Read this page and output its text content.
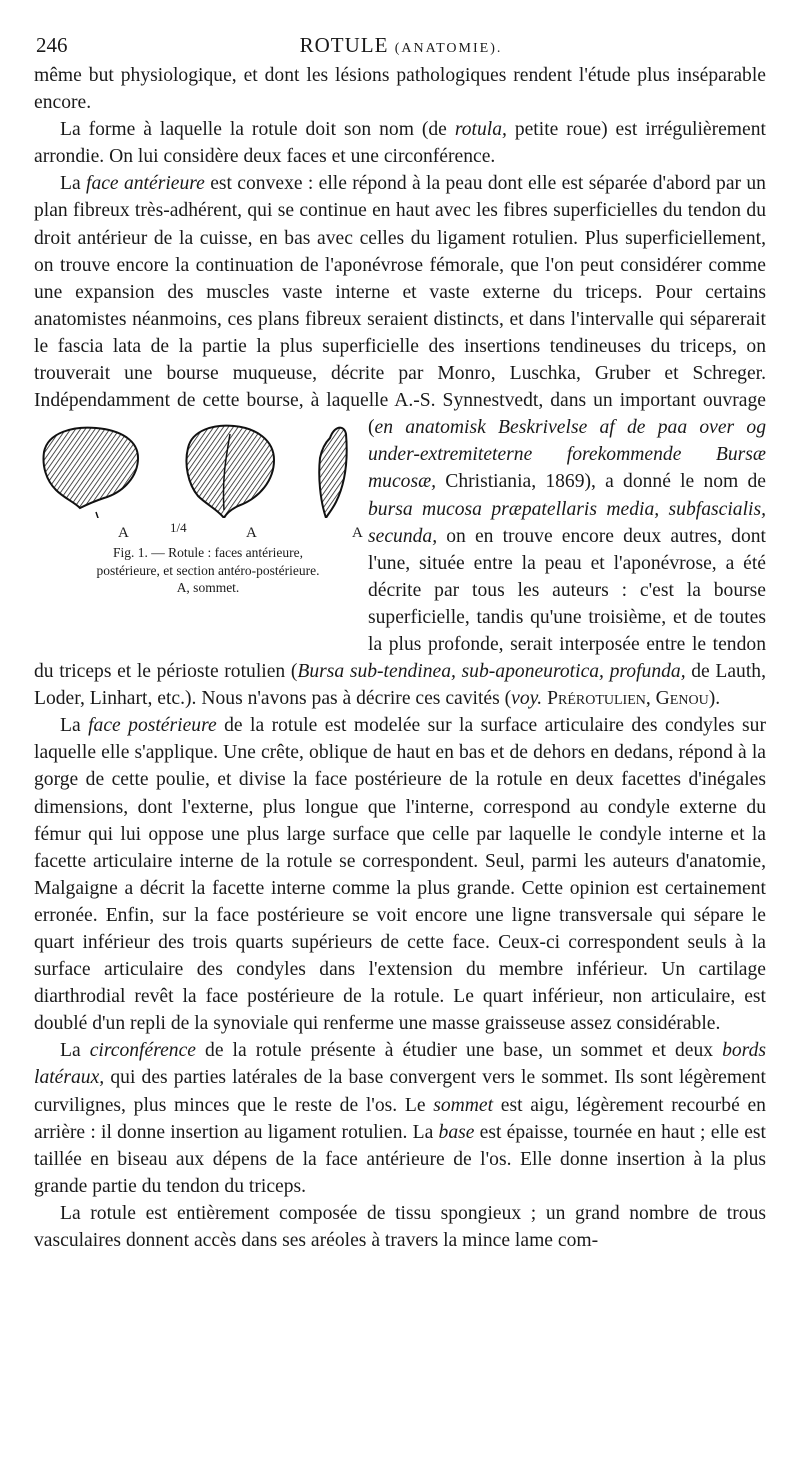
246	ROTULE (ANATOMIE).

même but physiologique, et dont les lésions pathologiques rendent l'étude plus inséparable encore.

La forme à laquelle la rotule doit son nom (de rotula, petite roue) est irrégulièrement arrondie. On lui considère deux faces et une circonférence.

La face antérieure est convexe : elle répond à la peau dont elle est séparée d'abord par un plan fibreux très-adhérent, qui se continue en haut avec les fibres superficielles du tendon du droit antérieur de la cuisse, en bas avec celles du ligament rotulien. Plus superficiellement, on trouve encore la continuation de l'aponévrose fémorale, que l'on peut considérer comme une expansion des muscles vaste interne et vaste externe du triceps. Pour certains anatomistes néanmoins, ces plans fibreux seraient distincts, et dans l'intervalle qui séparerait le fascia lata de la partie la plus superficielle des insertions tendineuses du triceps, on trouverait une bourse muqueuse, décrite par Monro, Luschka, Gruber et Schreger. Indépendamment de cette bourse, à laquelle A.-S. Synnestvedt, dans un important ouvrage (
A	1/4	A	A
Fig. 1. — Rotule : faces antérieure,
postérieure, et section antéro-postérieure.
A, sommet.
en anatomisk Beskrivelse af de paa over og under-extremiteterne forekommende Bursæ mucosæ, Christiania, 1869), a donné le nom de bursa mucosa præpatellaris media, subfascialis, secunda, on en trouve encore deux autres, dont l'une, située entre la peau et l'aponévrose, a été décrite par tous les auteurs : c'est la bourse superficielle, tandis qu'une troisième, et de toutes la plus profonde, serait interposée entre le tendon du triceps et le périoste rotulien (Bursa sub-tendinea, sub-aponeurotica, profunda, de Lauth, Loder, Linhart, etc.). Nous n'avons pas à décrire ces cavités (voy. Prérotulien, Genou).

La face postérieure de la rotule est modelée sur la surface articulaire des condyles sur laquelle elle s'applique. Une crête, oblique de haut en bas et de dehors en dedans, répond à la gorge de cette poulie, et divise la face postérieure de la rotule en deux facettes d'inégales dimensions, dont l'externe, plus longue que l'interne, correspond au condyle externe du fémur qui lui oppose une plus large surface que celle par laquelle le condyle interne et la facette articulaire interne de la rotule se correspondent. Seul, parmi les auteurs d'anatomie, Malgaigne a décrit la facette interne comme la plus grande. Cette opinion est certainement erronée. Enfin, sur la face postérieure se voit encore une ligne transversale qui sépare le quart inférieur des trois quarts supérieurs de cette face. Ceux-ci correspondent seuls à la surface articulaire des condyles dans l'extension du membre inférieur. Un cartilage diarthrodial revêt la face postérieure de la rotule. Le quart inférieur, non articulaire, est doublé d'un repli de la synoviale qui renferme une masse graisseuse assez considérable.

La circonférence de la rotule présente à étudier une base, un sommet et deux bords latéraux, qui des parties latérales de la base convergent vers le sommet. Ils sont légèrement curvilignes, plus minces que le reste de l'os. Le sommet est aigu, légèrement recourbé en arrière : il donne insertion au ligament rotulien. La base est épaisse, tournée en haut ; elle est taillée en biseau aux dépens de la face antérieure de l'os. Elle donne insertion à la plus grande partie du tendon du triceps.

La rotule est entièrement composée de tissu spongieux ; un grand nombre de trous vasculaires donnent accès dans ses aréoles à travers la mince lame com-
